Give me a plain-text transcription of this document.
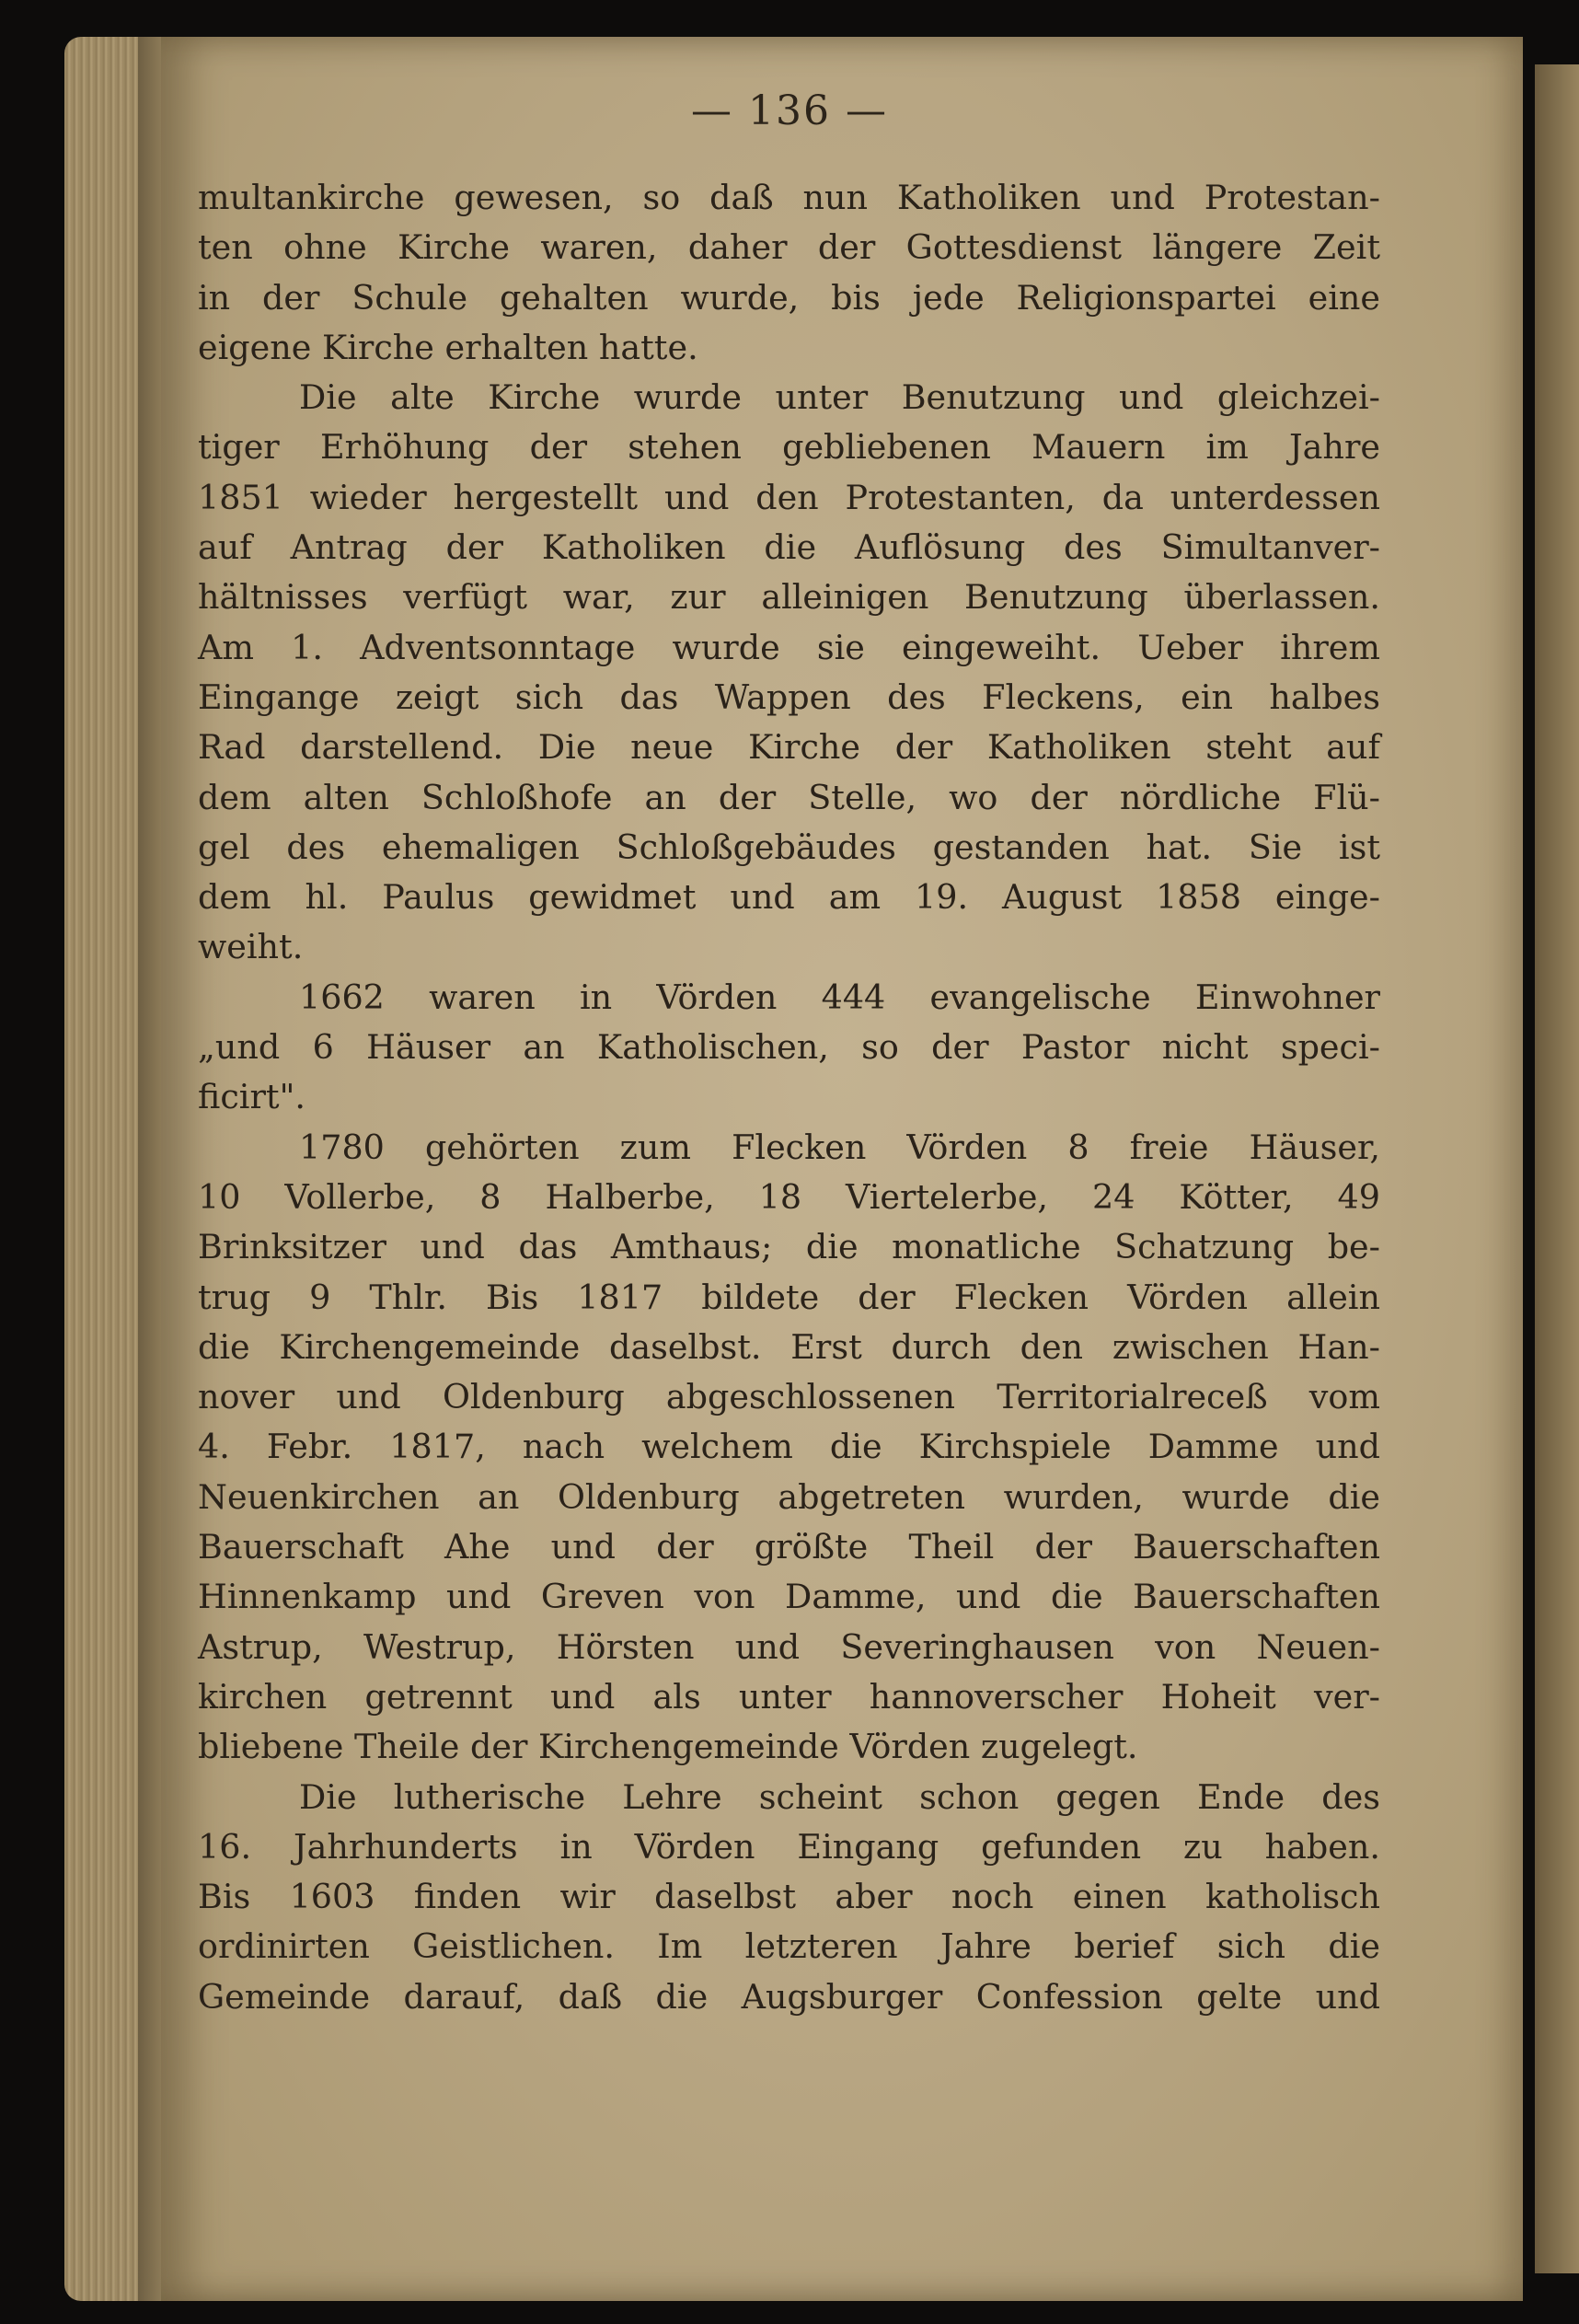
— 136 —
multankirche gewesen, so daß nun Katholiken und Protestan-
ten ohne Kirche waren, daher der Gottesdienst längere Zeit
in der Schule gehalten wurde, bis jede Religionspartei eine
eigene Kirche erhalten hatte.
Die alte Kirche wurde unter Benutzung und gleichzei-
tiger Erhöhung der stehen gebliebenen Mauern im Jahre
1851 wieder hergestellt und den Protestanten, da unterdessen
auf Antrag der Katholiken die Auflösung des Simultanver-
hältnisses verfügt war, zur alleinigen Benutzung überlassen.
Am 1. Adventsonntage wurde sie eingeweiht. Ueber ihrem
Eingange zeigt sich das Wappen des Fleckens, ein halbes
Rad darstellend. Die neue Kirche der Katholiken steht auf
dem alten Schloßhofe an der Stelle, wo der nördliche Flü-
gel des ehemaligen Schloßgebäudes gestanden hat. Sie ist
dem hl. Paulus gewidmet und am 19. August 1858 einge-
weiht.
1662 waren in Vörden 444 evangelische Einwohner
„und 6 Häuser an Katholischen, so der Pastor nicht speci-
ficirt".
1780 gehörten zum Flecken Vörden 8 freie Häuser,
10 Vollerbe, 8 Halberbe, 18 Viertelerbe, 24 Kötter, 49
Brinksitzer und das Amthaus; die monatliche Schatzung be-
trug 9 Thlr. Bis 1817 bildete der Flecken Vörden allein
die Kirchengemeinde daselbst. Erst durch den zwischen Han-
nover und Oldenburg abgeschlossenen Territorialreceß vom
4. Febr. 1817, nach welchem die Kirchspiele Damme und
Neuenkirchen an Oldenburg abgetreten wurden, wurde die
Bauerschaft Ahe und der größte Theil der Bauerschaften
Hinnenkamp und Greven von Damme, und die Bauerschaften
Astrup, Westrup, Hörsten und Severinghausen von Neuen-
kirchen getrennt und als unter hannoverscher Hoheit ver-
bliebene Theile der Kirchengemeinde Vörden zugelegt.
Die lutherische Lehre scheint schon gegen Ende des
16. Jahrhunderts in Vörden Eingang gefunden zu haben.
Bis 1603 finden wir daselbst aber noch einen katholisch
ordinirten Geistlichen. Im letzteren Jahre berief sich die
Gemeinde darauf, daß die Augsburger Confession gelte und
